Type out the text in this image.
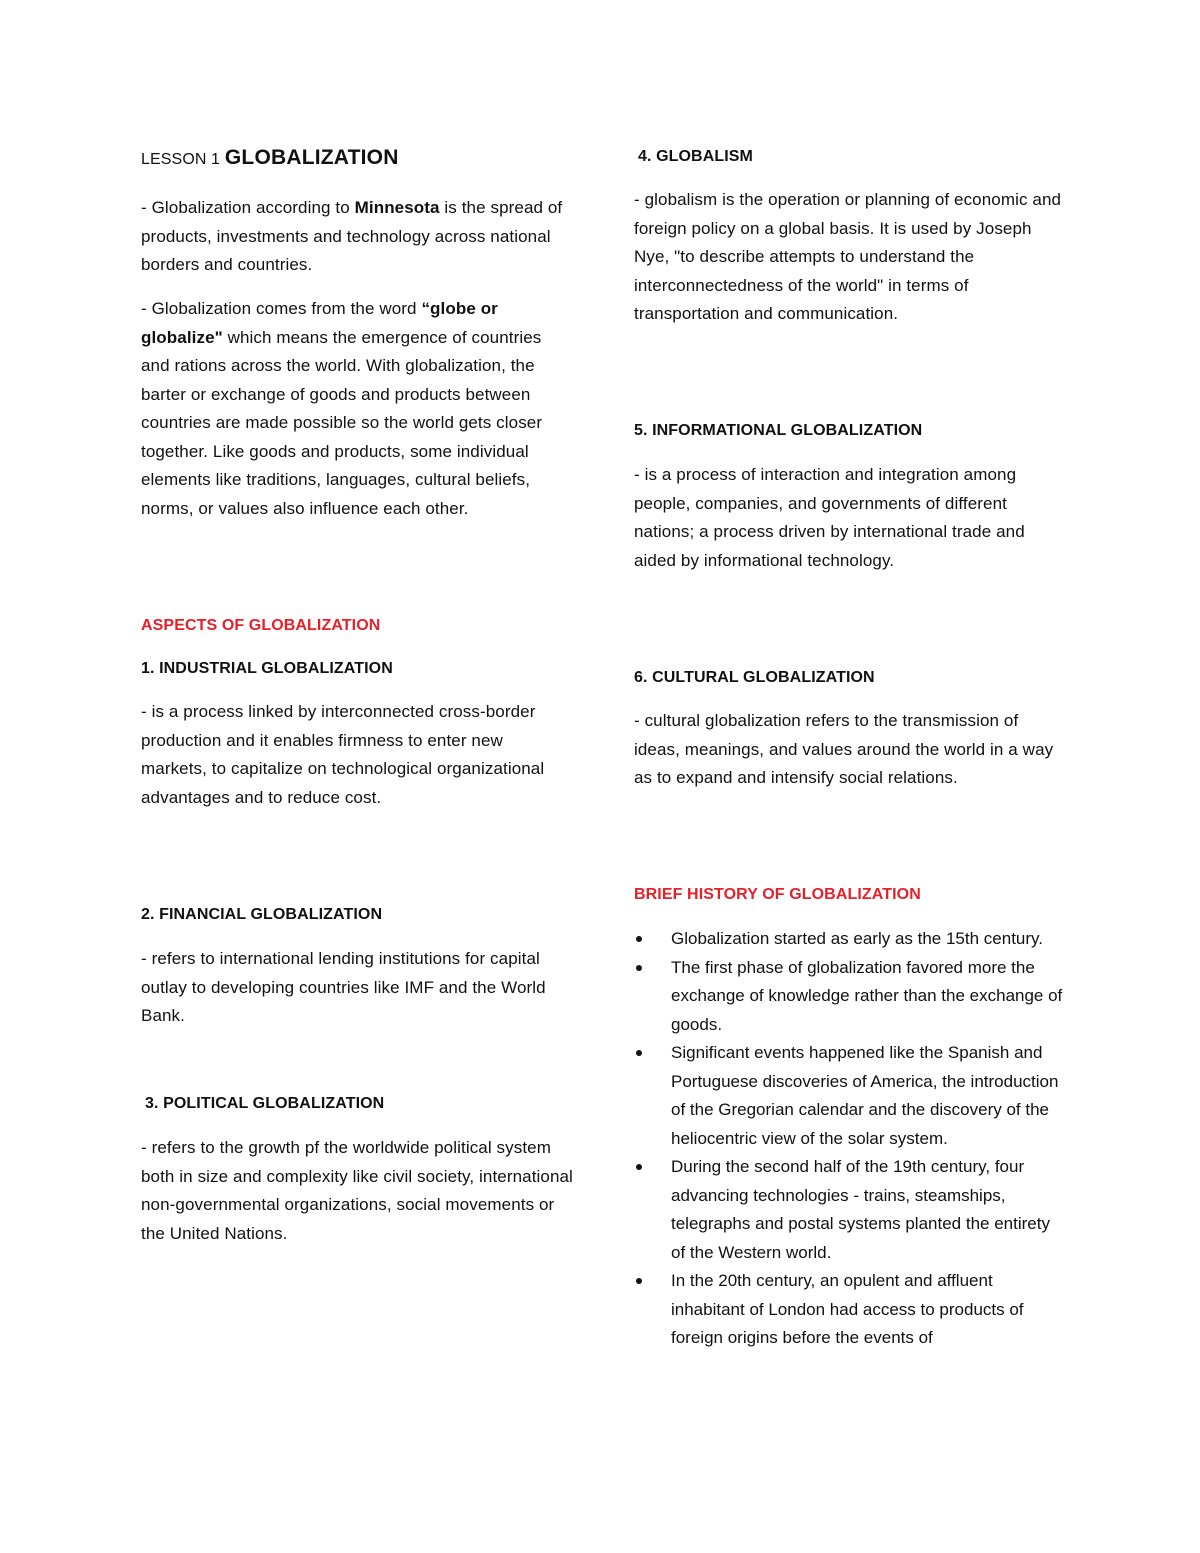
LESSON 1 GLOBALIZATION

- Globalization according to Minnesota is the spread of products, investments and technology across national borders and countries.

- Globalization comes from the word “globe or globalize" which means the emergence of countries and rations across the world. With globalization, the barter or exchange of goods and products between countries are made possible so the world gets closer together. Like goods and products, some individual elements like traditions, languages, cultural beliefs, norms, or values also influence each other.

ASPECTS OF GLOBALIZATION
1. INDUSTRIAL GLOBALIZATION

- is a process linked by interconnected cross-border production and it enables firmness to enter new markets, to capitalize on technological organizational advantages and to reduce cost.

2. FINANCIAL GLOBALIZATION

- refers to international lending institutions for capital outlay to developing countries like IMF and the World Bank.

3. POLITICAL GLOBALIZATION

- refers to the growth pf the worldwide political system both in size and complexity like civil society, international non-governmental organizations, social movements or the United Nations.

4. GLOBALISM

- globalism is the operation or planning of economic and foreign policy on a global basis. It is used by Joseph Nye, "to describe attempts to understand the interconnectedness of the world" in terms of transportation and communication.

5. INFORMATIONAL GLOBALIZATION

- is a process of interaction and integration among people, companies, and governments of different nations; a process driven by international trade and aided by informational technology.

6. CULTURAL GLOBALIZATION

- cultural globalization refers to the transmission of ideas, meanings, and values around the world in a way as to expand and intensify social relations.

BRIEF HISTORY OF GLOBALIZATION
Globalization started as early as the 15th century.
The first phase of globalization favored more the exchange of knowledge rather than the exchange of goods.
Significant events happened like the Spanish and Portuguese discoveries of America, the introduction of the Gregorian calendar and the discovery of the heliocentric view of the solar system.
During the second half of the 19th century, four advancing technologies - trains, steamships, telegraphs and postal systems planted the entirety of the Western world.
In the 20th century, an opulent and affluent inhabitant of London had access to products of foreign origins before the events of
